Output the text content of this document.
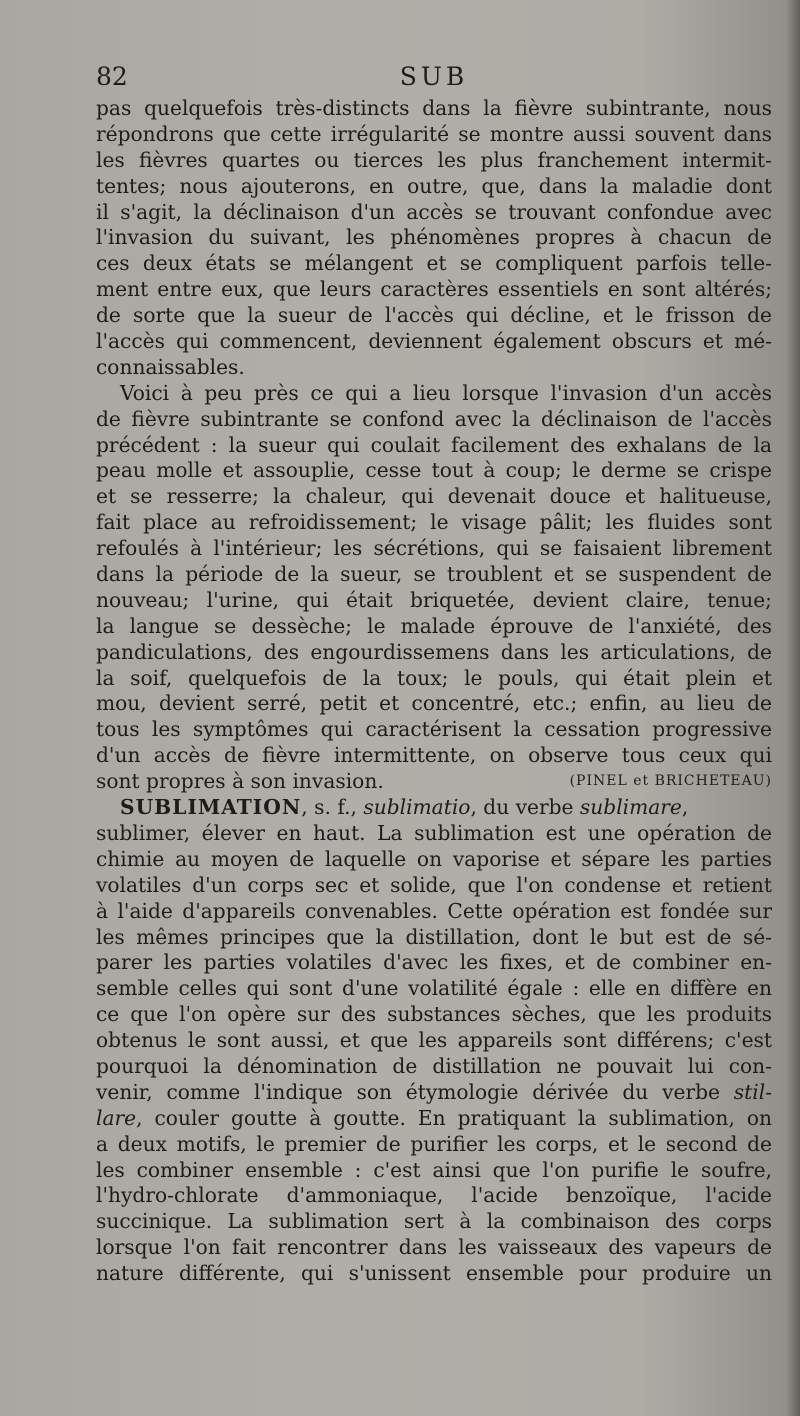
82	SUB
pas quelquefois très-distincts dans la fièvre subintrante, nous
répondrons que cette irrégularité se montre aussi souvent dans
les fièvres quartes ou tierces les plus franchement intermit-
tentes; nous ajouterons, en outre, que, dans la maladie dont
il s'agit, la déclinaison d'un accès se trouvant confondue avec
l'invasion du suivant, les phénomènes propres à chacun de
ces deux états se mélangent et se compliquent parfois telle-
ment entre eux, que leurs caractères essentiels en sont altérés;
de sorte que la sueur de l'accès qui décline, et le frisson de
l'accès qui commencent, deviennent également obscurs et mé-
connaissables.
Voici à peu près ce qui a lieu lorsque l'invasion d'un accès
de fièvre subintrante se confond avec la déclinaison de l'accès
précédent : la sueur qui coulait facilement des exhalans de la
peau molle et assouplie, cesse tout à coup; le derme se crispe
et se resserre; la chaleur, qui devenait douce et halitueuse,
fait place au refroidissement; le visage pâlit; les fluides sont
refoulés à l'intérieur; les sécrétions, qui se faisaient librement
dans la période de la sueur, se troublent et se suspendent de
nouveau; l'urine, qui était briquetée, devient claire, tenue;
la langue se dessèche; le malade éprouve de l'anxiété, des
pandiculations, des engourdissemens dans les articulations, de
la soif, quelquefois de la toux; le pouls, qui était plein et
mou, devient serré, petit et concentré, etc.; enfin, au lieu de
tous les symptômes qui caractérisent la cessation progressive
d'un accès de fièvre intermittente, on observe tous ceux qui
sont propres à son invasion.	(PINEL et BRICHETEAU)
SUBLIMATION, s. f., sublimatio, du verbe sublimare,
sublimer, élever en haut. La sublimation est une opération de
chimie au moyen de laquelle on vaporise et sépare les parties
volatiles d'un corps sec et solide, que l'on condense et retient
à l'aide d'appareils convenables. Cette opération est fondée sur
les mêmes principes que la distillation, dont le but est de sé-
parer les parties volatiles d'avec les fixes, et de combiner en-
semble celles qui sont d'une volatilité égale : elle en diffère en
ce que l'on opère sur des substances sèches, que les produits
obtenus le sont aussi, et que les appareils sont différens; c'est
pourquoi la dénomination de distillation ne pouvait lui con-
venir, comme l'indique son étymologie dérivée du verbe stil-
lare, couler goutte à goutte. En pratiquant la sublimation, on
a deux motifs, le premier de purifier les corps, et le second de
les combiner ensemble : c'est ainsi que l'on purifie le soufre,
l'hydro-chlorate d'ammoniaque, l'acide benzoïque, l'acide
succinique. La sublimation sert à la combinaison des corps
lorsque l'on fait rencontrer dans les vaisseaux des vapeurs de
nature différente, qui s'unissent ensemble pour produire un
